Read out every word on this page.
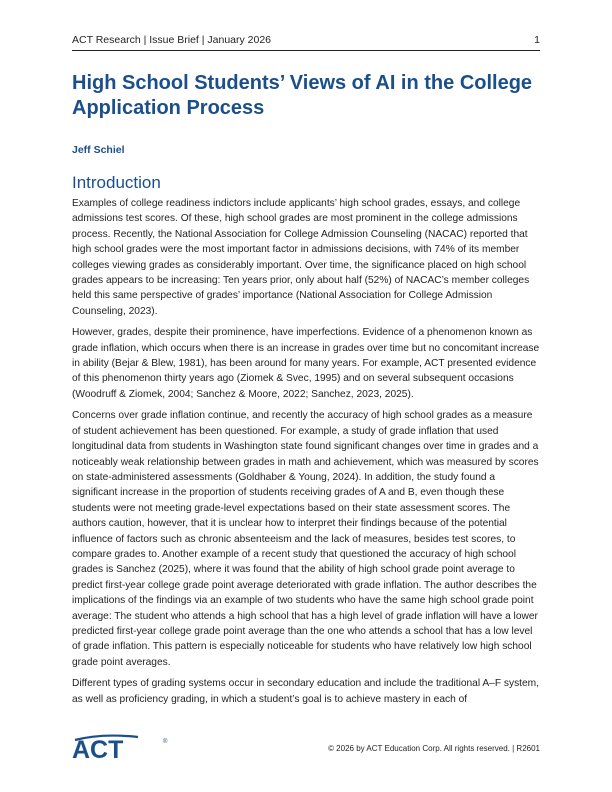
ACT Research | Issue Brief | January 2026	1
High School Students’ Views of AI in the College Application Process
Jeff Schiel
Introduction

Examples of college readiness indictors include applicants’ high school grades, essays, and college admissions test scores. Of these, high school grades are most prominent in the college admissions process. Recently, the National Association for College Admission Counseling (NACAC) reported that high school grades were the most important factor in admissions decisions, with 74% of its member colleges viewing grades as considerably important. Over time, the significance placed on high school grades appears to be increasing: Ten years prior, only about half (52%) of NACAC’s member colleges held this same perspective of grades’ importance (National Association for College Admission Counseling, 2023).

However, grades, despite their prominence, have imperfections. Evidence of a phenomenon known as grade inflation, which occurs when there is an increase in grades over time but no concomitant increase in ability (Bejar & Blew, 1981), has been around for many years. For example, ACT presented evidence of this phenomenon thirty years ago (Ziomek & Svec, 1995) and on several subsequent occasions (Woodruff & Ziomek, 2004; Sanchez & Moore, 2022; Sanchez, 2023, 2025).

Concerns over grade inflation continue, and recently the accuracy of high school grades as a measure of student achievement has been questioned. For example, a study of grade inflation that used longitudinal data from students in Washington state found significant changes over time in grades and a noticeably weak relationship between grades in math and achievement, which was measured by scores on state-administered assessments (Goldhaber & Young, 2024). In addition, the study found a significant increase in the proportion of students receiving grades of A and B, even though these students were not meeting grade-level expectations based on their state assessment scores. The authors caution, however, that it is unclear how to interpret their findings because of the potential influence of factors such as chronic absenteeism and the lack of measures, besides test scores, to compare grades to. Another example of a recent study that questioned the accuracy of high school grades is Sanchez (2025), where it was found that the ability of high school grade point average to predict first-year college grade point average deteriorated with grade inflation. The author describes the implications of the findings via an example of two students who have the same high school grade point average: The student who attends a high school that has a high level of grade inflation will have a lower predicted first-year college grade point average than the one who attends a school that has a low level of grade inflation. This pattern is especially noticeable for students who have relatively low high school grade point averages.

Different types of grading systems occur in secondary education and include the traditional A–F system, as well as proficiency grading, in which a student’s goal is to achieve mastery in each of

ACT	®
© 2026 by ACT Education Corp. All rights reserved. | R2601
